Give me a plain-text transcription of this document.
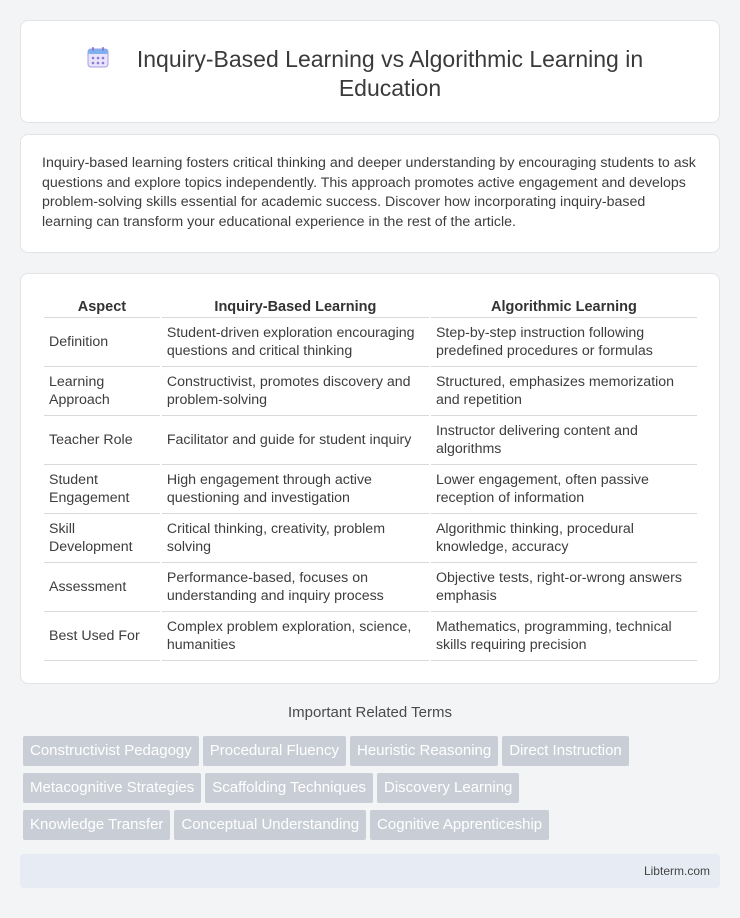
Inquiry-Based Learning vs Algorithmic Learning in Education

Inquiry-based learning fosters critical thinking and deeper understanding by encouraging students to ask questions and explore topics independently. This approach promotes active engagement and develops problem-solving skills essential for academic success. Discover how incorporating inquiry-based learning can transform your educational experience in the rest of the article.

Aspect	Inquiry-Based Learning	Algorithmic Learning
Definition	Student-driven exploration encouraging questions and critical thinking	Step-by-step instruction following predefined procedures or formulas
Learning Approach	Constructivist, promotes discovery and problem-solving	Structured, emphasizes memorization and repetition
Teacher Role	Facilitator and guide for student inquiry	Instructor delivering content and algorithms
Student Engagement	High engagement through active questioning and investigation	Lower engagement, often passive reception of information
Skill Development	Critical thinking, creativity, problem solving	Algorithmic thinking, procedural knowledge, accuracy
Assessment	Performance-based, focuses on understanding and inquiry process	Objective tests, right-or-wrong answers emphasis
Best Used For	Complex problem exploration, science, humanities	Mathematics, programming, technical skills requiring precision
Important Related Terms
Constructivist Pedagogy Procedural Fluency Heuristic Reasoning Direct Instruction
Metacognitive Strategies Scaffolding Techniques Discovery Learning
Knowledge Transfer Conceptual Understanding Cognitive Apprenticeship
Libterm.com
